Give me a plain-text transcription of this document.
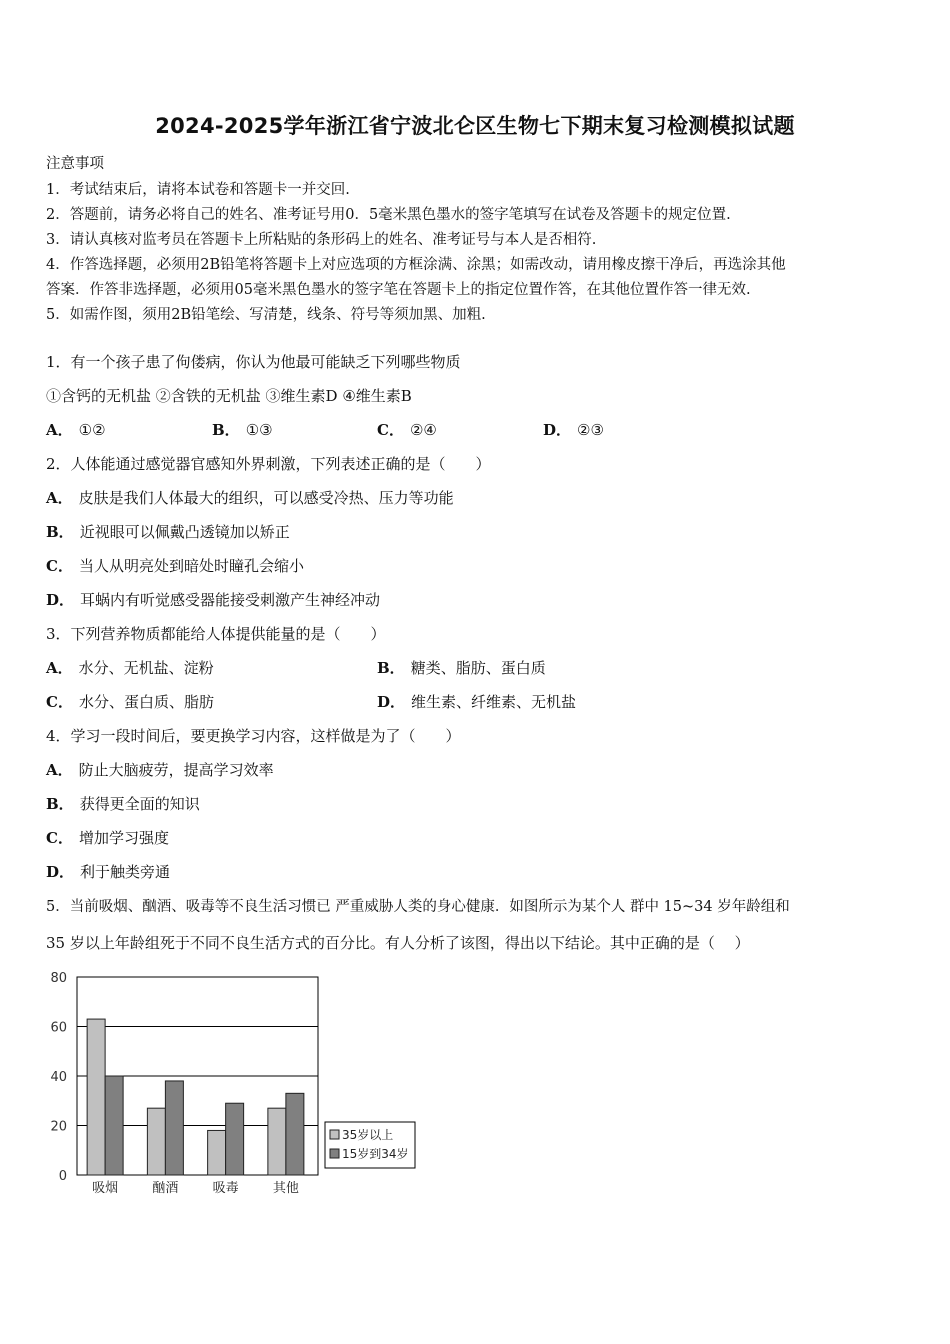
2024-2025学年浙江省宁波北仑区生物七下期末复习检测模拟试题
注意事项
1．考试结束后，请将本试卷和答题卡一并交回.
2．答题前，请务必将自己的姓名、准考证号用0．5毫米黑色墨水的签字笔填写在试卷及答题卡的规定位置.
3．请认真核对监考员在答题卡上所粘贴的条形码上的姓名、准考证号与本人是否相符.
4．作答选择题，必须用2B铅笔将答题卡上对应选项的方框涂满、涂黑；如需改动，请用橡皮擦干净后，再选涂其他
答案．作答非选择题，必须用05毫米黑色墨水的签字笔在答题卡上的指定位置作答，在其他位置作答一律无效.
5．如需作图，须用2B铅笔绘、写清楚，线条、符号等须加黑、加粗.
1．有一个孩子患了佝偻病，你认为他最可能缺乏下列哪些物质
①含钙的无机盐 ②含铁的无机盐 ③维生素D ④维生素B
A． ①②	B． ①③	C． ②④	D． ②③
2．人体能通过感觉器官感知外界刺激，下列表述正确的是（　　）
A． 皮肤是我们人体最大的组织，可以感受冷热、压力等功能
B． 近视眼可以佩戴凸透镜加以矫正
C． 当人从明亮处到暗处时瞳孔会缩小
D． 耳蜗内有听觉感受器能接受刺激产生神经冲动
3．下列营养物质都能给人体提供能量的是（　　）
A． 水分、无机盐、淀粉	B． 糖类、脂肪、蛋白质
C． 水分、蛋白质、脂肪	D． 维生素、纤维素、无机盐
4．学习一段时间后，要更换学习内容，这样做是为了（　　）
A． 防止大脑疲劳，提高学习效率
B． 获得更全面的知识
C． 增加学习强度
D． 利于触类旁通
5．当前吸烟、酗酒、吸毒等不良生活习惯已 严重威胁人类的身心健康．如图所示为某个人 群中 15~34 岁年龄组和
35 岁以上年龄组死于不同不良生活方式的百分比。有人分析了该图，得出以下结论。其中正确的是（　 ）
80
60
40
20
0
吸烟	酗酒	吸毒	其他
35岁以上
15岁到34岁
